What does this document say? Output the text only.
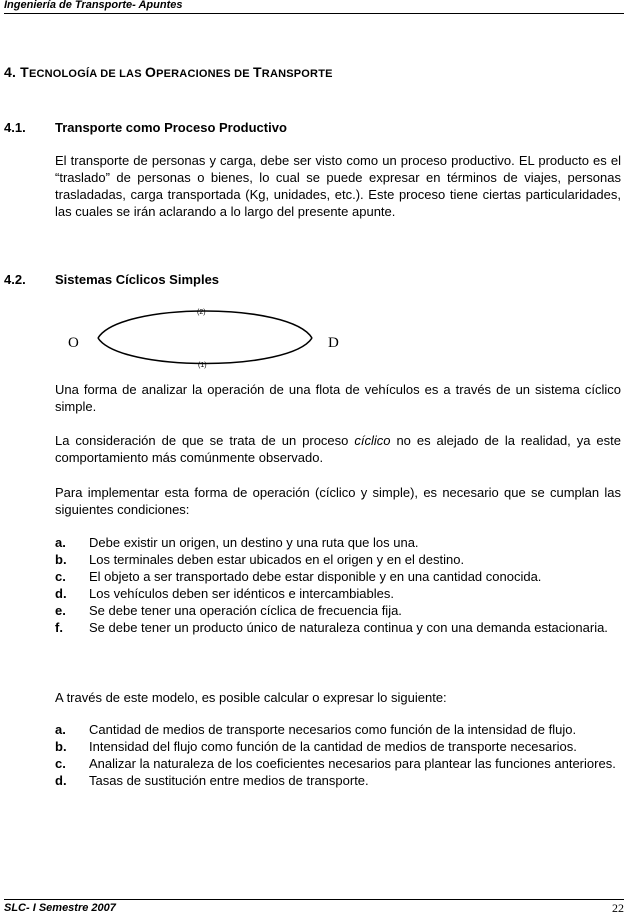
Ingeniería de Transporte- Apuntes
4. TECNOLOGÍA DE LAS OPERACIONES DE TRANSPORTE
4.1. Transporte como Proceso Productivo
El transporte de personas y carga, debe ser visto como un proceso productivo. EL producto es el “traslado” de personas o bienes, lo cual se puede expresar en términos de viajes, personas trasladadas, carga transportada (Kg, unidades, etc.). Este proceso tiene ciertas particularidades, las cuales se irán aclarando a lo largo del presente apunte.
4.2. Sistemas Cíclicos Simples
O	D
(2)
(1)
Una forma de analizar la operación de una flota de vehículos es a través de un sistema cíclico simple.
La consideración de que se trata de un proceso cíclico no es alejado de la realidad, ya este comportamiento más comúnmente observado.
Para implementar esta forma de operación (cíclico y simple), es necesario que se cumplan las siguientes condiciones:
a. Debe existir un origen, un destino y una ruta que los una.
b. Los terminales deben estar ubicados en el origen y en el destino.
c. El objeto a ser transportado debe estar disponible y en una cantidad conocida.
d. Los vehículos deben ser idénticos e intercambiables.
e. Se debe tener una operación cíclica de frecuencia fija.
f. Se debe tener un producto único de naturaleza continua y con una demanda estacionaria.
A través de este modelo, es posible calcular o expresar lo siguiente:
a. Cantidad de medios de transporte necesarios como función de la intensidad de flujo.
b. Intensidad del flujo como función de la cantidad de medios de transporte necesarios.
c. Analizar la naturaleza de los coeficientes necesarios para plantear las funciones anteriores.
d. Tasas de sustitución entre medios de transporte.
SLC- I Semestre 2007	22
